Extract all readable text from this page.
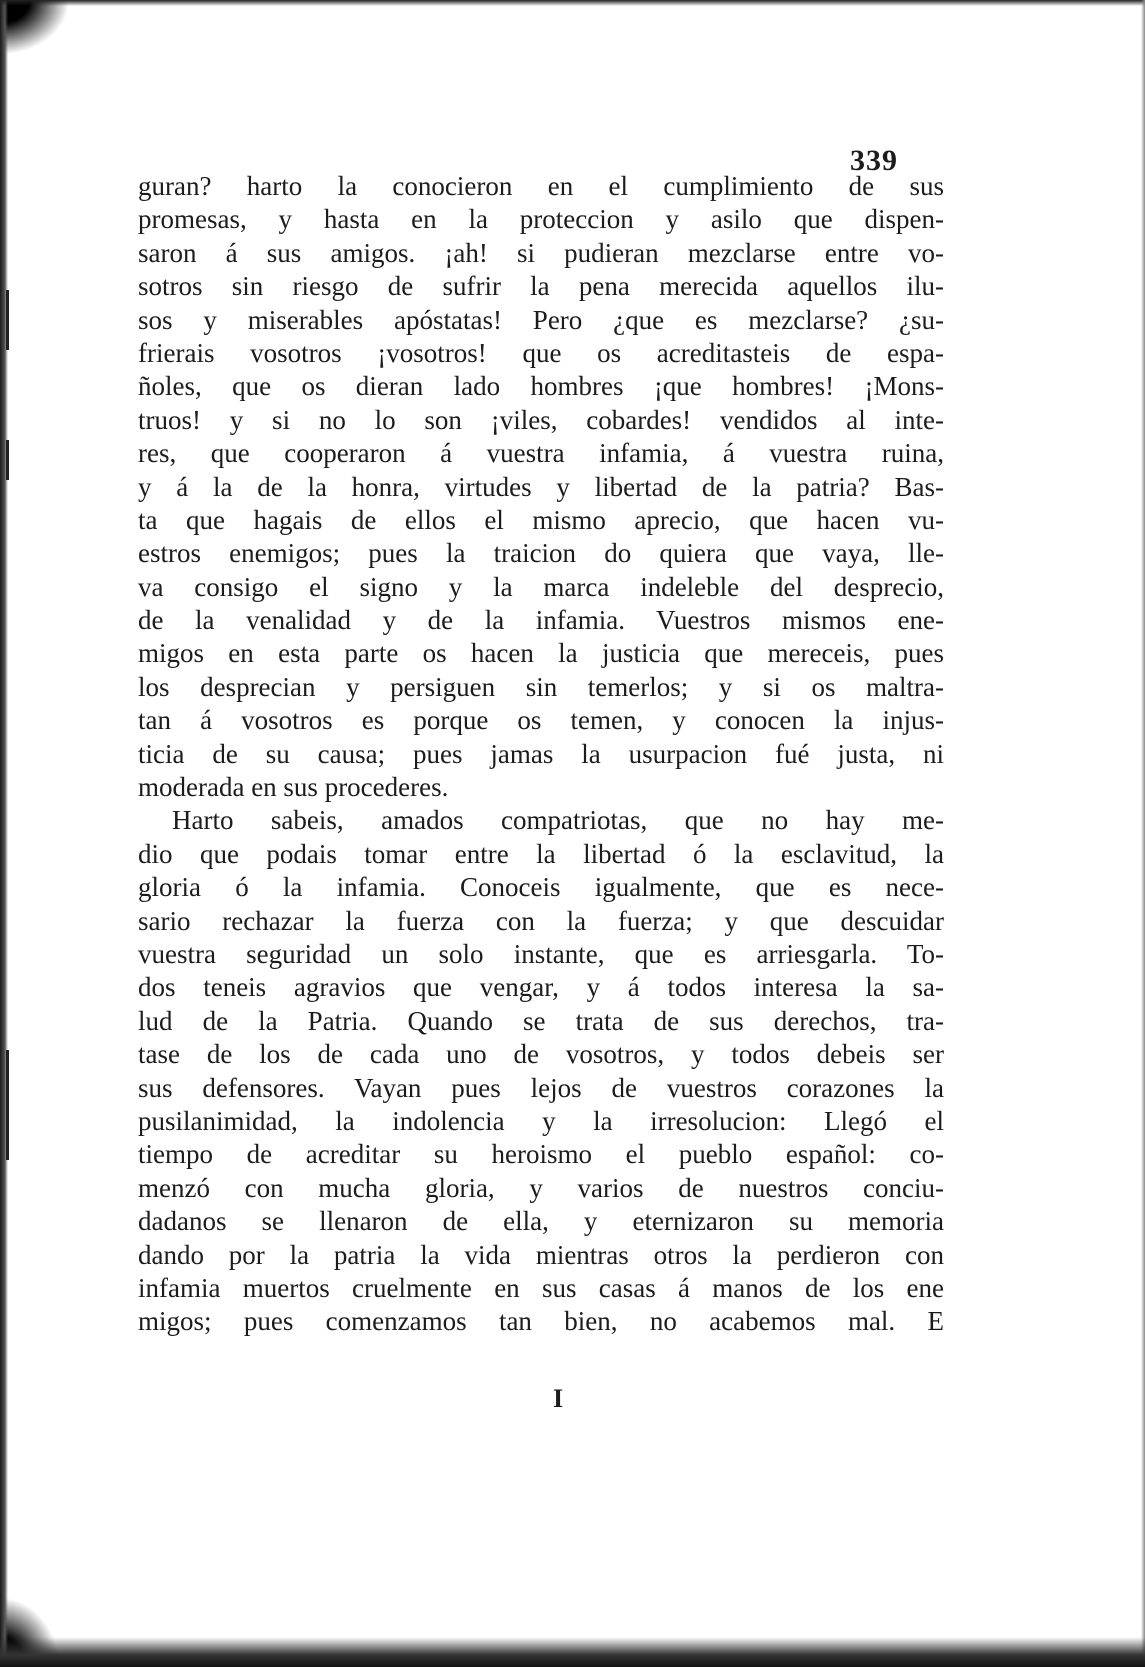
339
guran? harto la conocieron en el cumplimiento de sus
promesas, y hasta en la proteccion y asilo que dispen-
saron á sus amigos. ¡ah! si pudieran mezclarse entre vo-
sotros sin riesgo de sufrir la pena merecida aquellos ilu-
sos y miserables apóstatas! Pero ¿que es mezclarse? ¿su-
frierais vosotros ¡vosotros! que os acreditasteis de espa-
ñoles, que os dieran lado hombres ¡que hombres! ¡Mons-
truos! y si no lo son ¡viles, cobardes! vendidos al inte-
res, que cooperaron á vuestra infamia, á vuestra ruina,
y á la de la honra, virtudes y libertad de la patria? Bas-
ta que hagais de ellos el mismo aprecio, que hacen vu-
estros enemigos; pues la traicion do quiera que vaya, lle-
va consigo el signo y la marca indeleble del desprecio,
de la venalidad y de la infamia. Vuestros mismos ene-
migos en esta parte os hacen la justicia que mereceis, pues
los desprecian y persiguen sin temerlos; y si os maltra-
tan á vosotros es porque os temen, y conocen la injus-
ticia de su causa; pues jamas la usurpacion fué justa, ni
moderada en sus procederes.
Harto sabeis, amados compatriotas, que no hay me-
dio que podais tomar entre la libertad ó la esclavitud, la
gloria ó la infamia. Conoceis igualmente, que es nece-
sario rechazar la fuerza con la fuerza; y que descuidar
vuestra seguridad un solo instante, que es arriesgarla. To-
dos teneis agravios que vengar, y á todos interesa la sa-
lud de la Patria. Quando se trata de sus derechos, tra-
tase de los de cada uno de vosotros, y todos debeis ser
sus defensores. Vayan pues lejos de vuestros corazones la
pusilanimidad, la indolencia y la irresolucion: Llegó el
tiempo de acreditar su heroismo el pueblo español: co-
menzó con mucha gloria, y varios de nuestros conciu-
dadanos se llenaron de ella, y eternizaron su memoria
dando por la patria la vida mientras otros la perdieron con
infamia muertos cruelmente en sus casas á manos de los ene
migos; pues comenzamos tan bien, no acabemos mal. E
I
